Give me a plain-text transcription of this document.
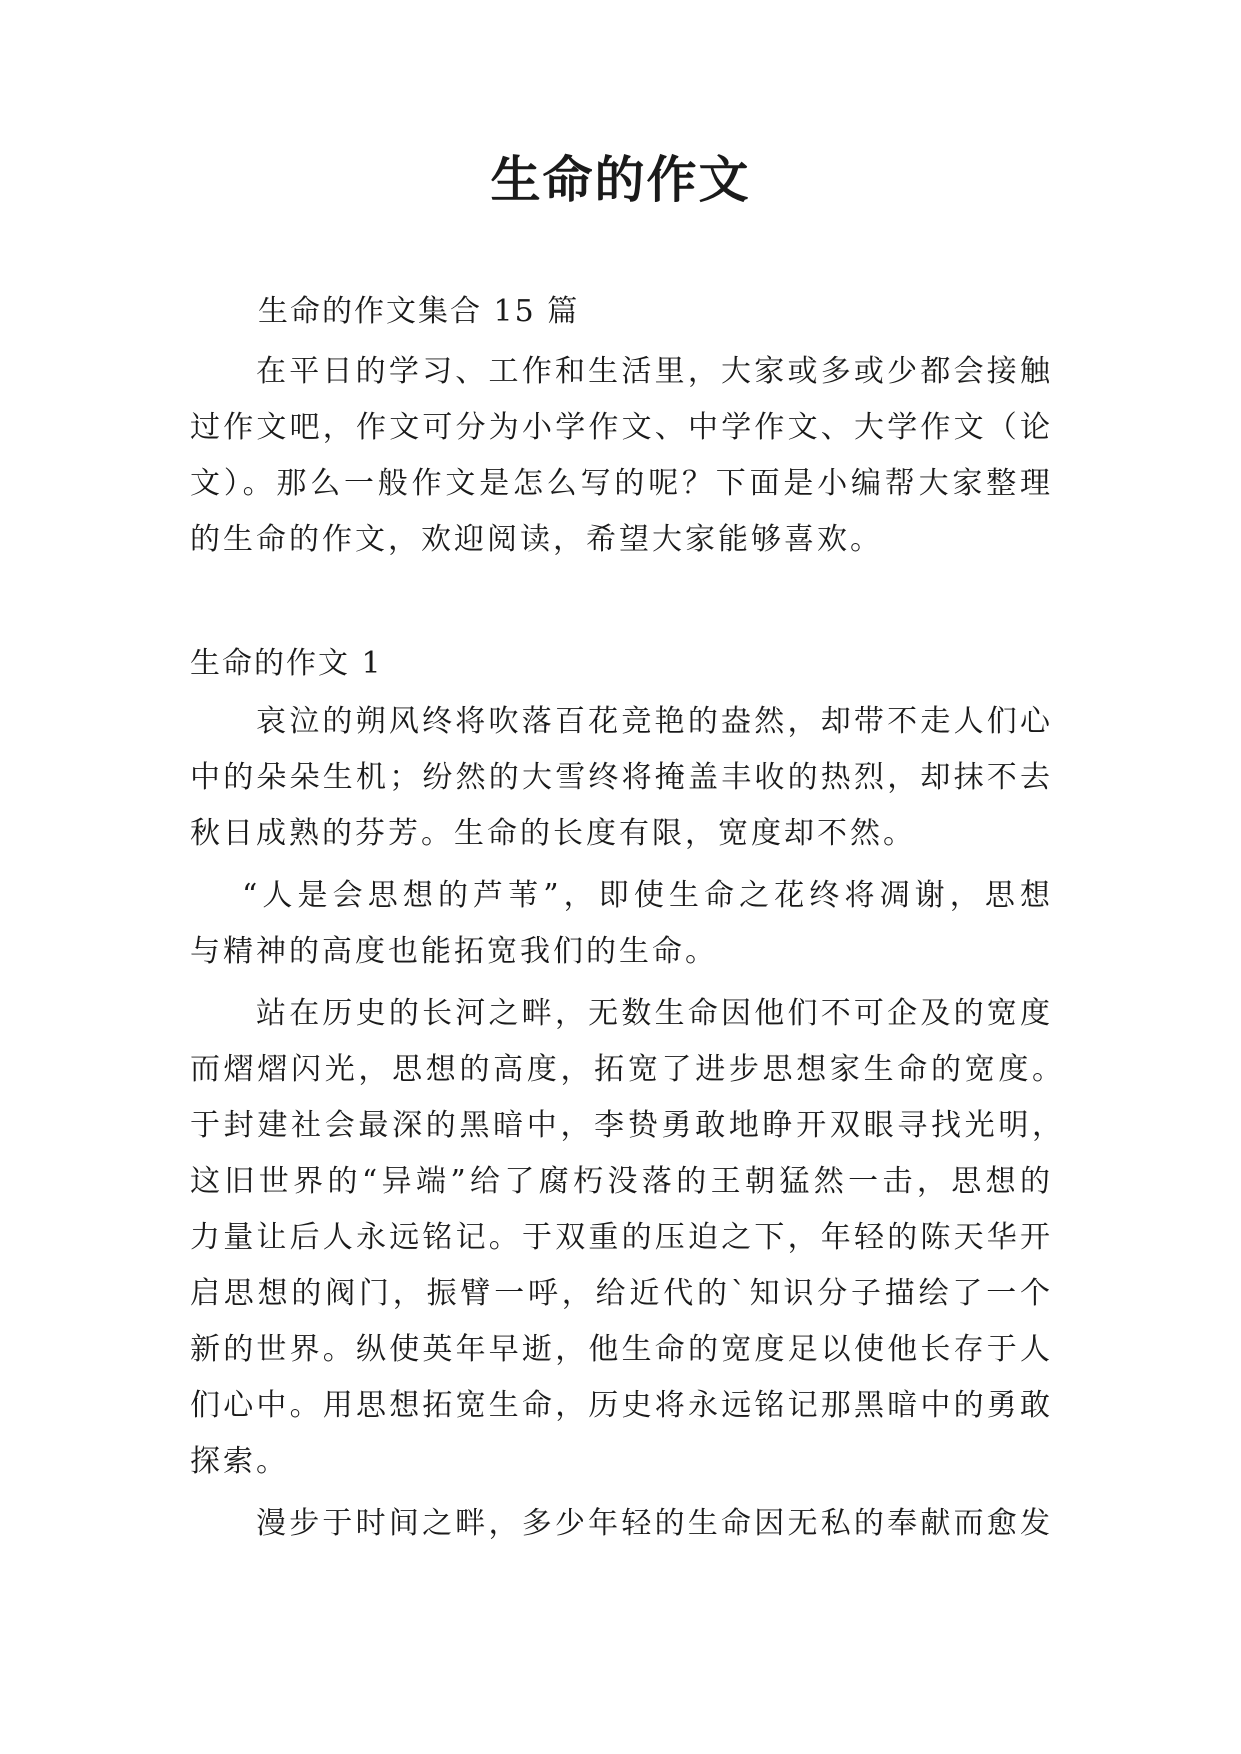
生命的作文
生命的作文集合 15 篇
在平日的学习、工作和生活里，大家或多或少都会接触
过作文吧，作文可分为小学作文、中学作文、大学作文（论
文）。那么一般作文是怎么写的呢？下面是小编帮大家整理
的生命的作文，欢迎阅读，希望大家能够喜欢。
生命的作文 1
哀泣的朔风终将吹落百花竞艳的盎然，却带不走人们心
中的朵朵生机；纷然的大雪终将掩盖丰收的热烈，却抹不去
秋日成熟的芬芳。生命的长度有限，宽度却不然。
“人是会思想的芦苇”，即使生命之花终将凋谢，思想
与精神的高度也能拓宽我们的生命。
站在历史的长河之畔，无数生命因他们不可企及的宽度
而熠熠闪光，思想的高度，拓宽了进步思想家生命的宽度。
于封建社会最深的黑暗中，李贽勇敢地睁开双眼寻找光明，
这旧世界的“异端”给了腐朽没落的王朝猛然一击，思想的
力量让后人永远铭记。于双重的压迫之下，年轻的陈天华开
启思想的阀门，振臂一呼，给近代的`知识分子描绘了一个
新的世界。纵使英年早逝，他生命的宽度足以使他长存于人
们心中。用思想拓宽生命，历史将永远铭记那黑暗中的勇敢
探索。
漫步于时间之畔，多少年轻的生命因无私的奉献而愈发
